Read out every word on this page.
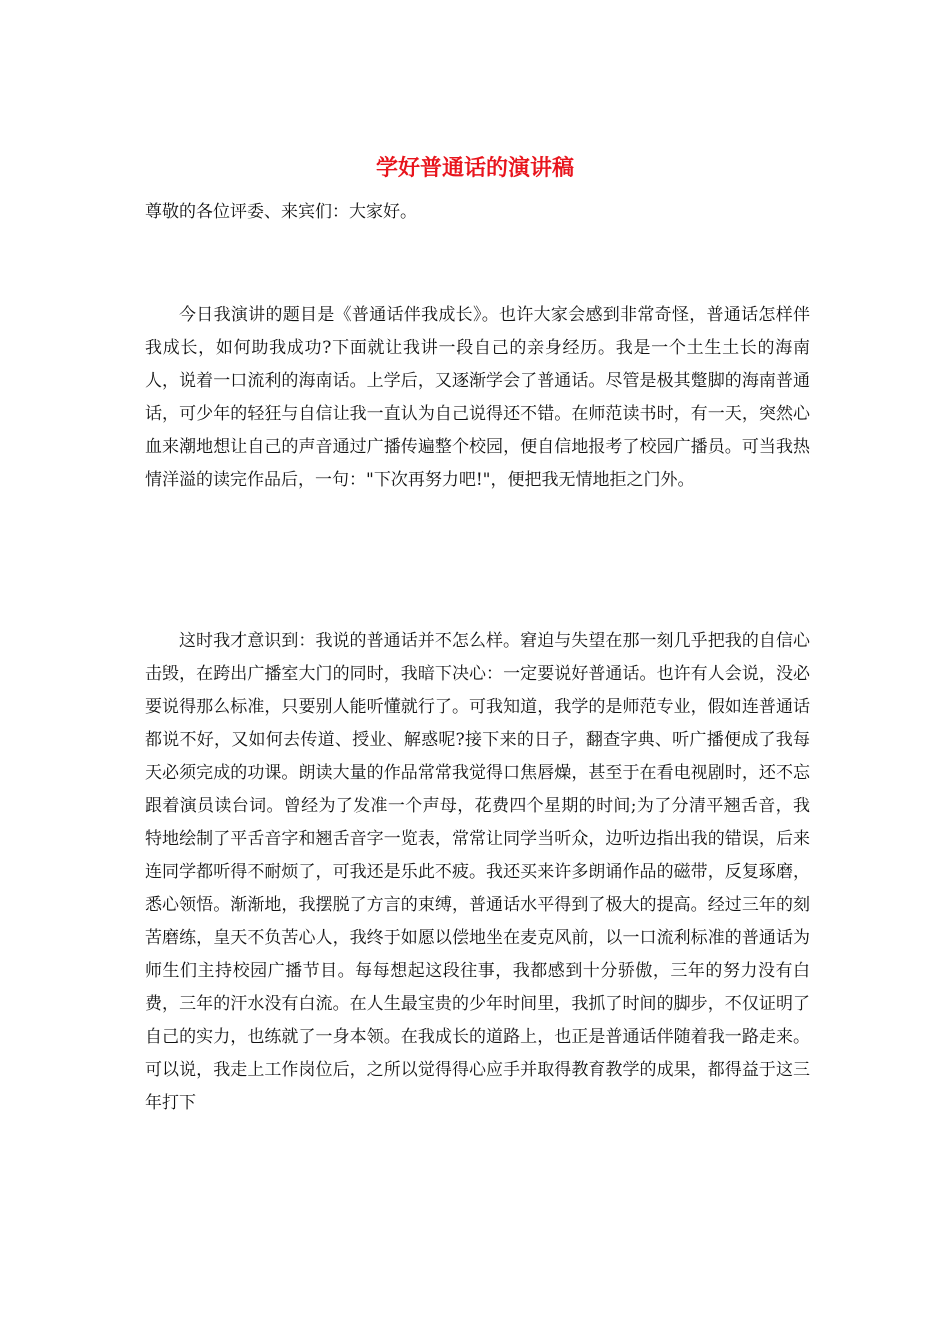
学好普通话的演讲稿
尊敬的各位评委、来宾们：大家好。

今日我演讲的题目是《普通话伴我成长》。也许大家会感到非常奇怪，普通话怎样伴我成长，如何助我成功?下面就让我讲一段自己的亲身经历。我是一个土生土长的海南人，说着一口流利的海南话。上学后，又逐渐学会了普通话。尽管是极其蹩脚的海南普通话，可少年的轻狂与自信让我一直认为自己说得还不错。在师范读书时，有一天，突然心血来潮地想让自己的声音通过广播传遍整个校园，便自信地报考了校园广播员。可当我热情洋溢的读完作品后，一句："下次再努力吧!"，便把我无情地拒之门外。

这时我才意识到：我说的普通话并不怎么样。窘迫与失望在那一刻几乎把我的自信心击毁，在跨出广播室大门的同时，我暗下决心：一定要说好普通话。也许有人会说，没必要说得那么标准，只要别人能听懂就行了。可我知道，我学的是师范专业，假如连普通话都说不好，又如何去传道、授业、解惑呢?接下来的日子，翻查字典、听广播便成了我每天必须完成的功课。朗读大量的作品常常我觉得口焦唇燥，甚至于在看电视剧时，还不忘跟着演员读台词。曾经为了发准一个声母，花费四个星期的时间;为了分清平翘舌音，我特地绘制了平舌音字和翘舌音字一览表，常常让同学当听众，边听边指出我的错误，后来连同学都听得不耐烦了，可我还是乐此不疲。我还买来许多朗诵作品的磁带，反复琢磨，悉心领悟。渐渐地，我摆脱了方言的束缚，普通话水平得到了极大的提高。经过三年的刻苦磨练，皇天不负苦心人，我终于如愿以偿地坐在麦克风前，以一口流利标准的普通话为师生们主持校园广播节目。每每想起这段往事，我都感到十分骄傲，三年的努力没有白费，三年的汗水没有白流。在人生最宝贵的少年时间里，我抓了时间的脚步，不仅证明了自己的实力，也练就了一身本领。在我成长的道路上，也正是普通话伴随着我一路走来。可以说，我走上工作岗位后，之所以觉得得心应手并取得教育教学的成果，都得益于这三年打下
